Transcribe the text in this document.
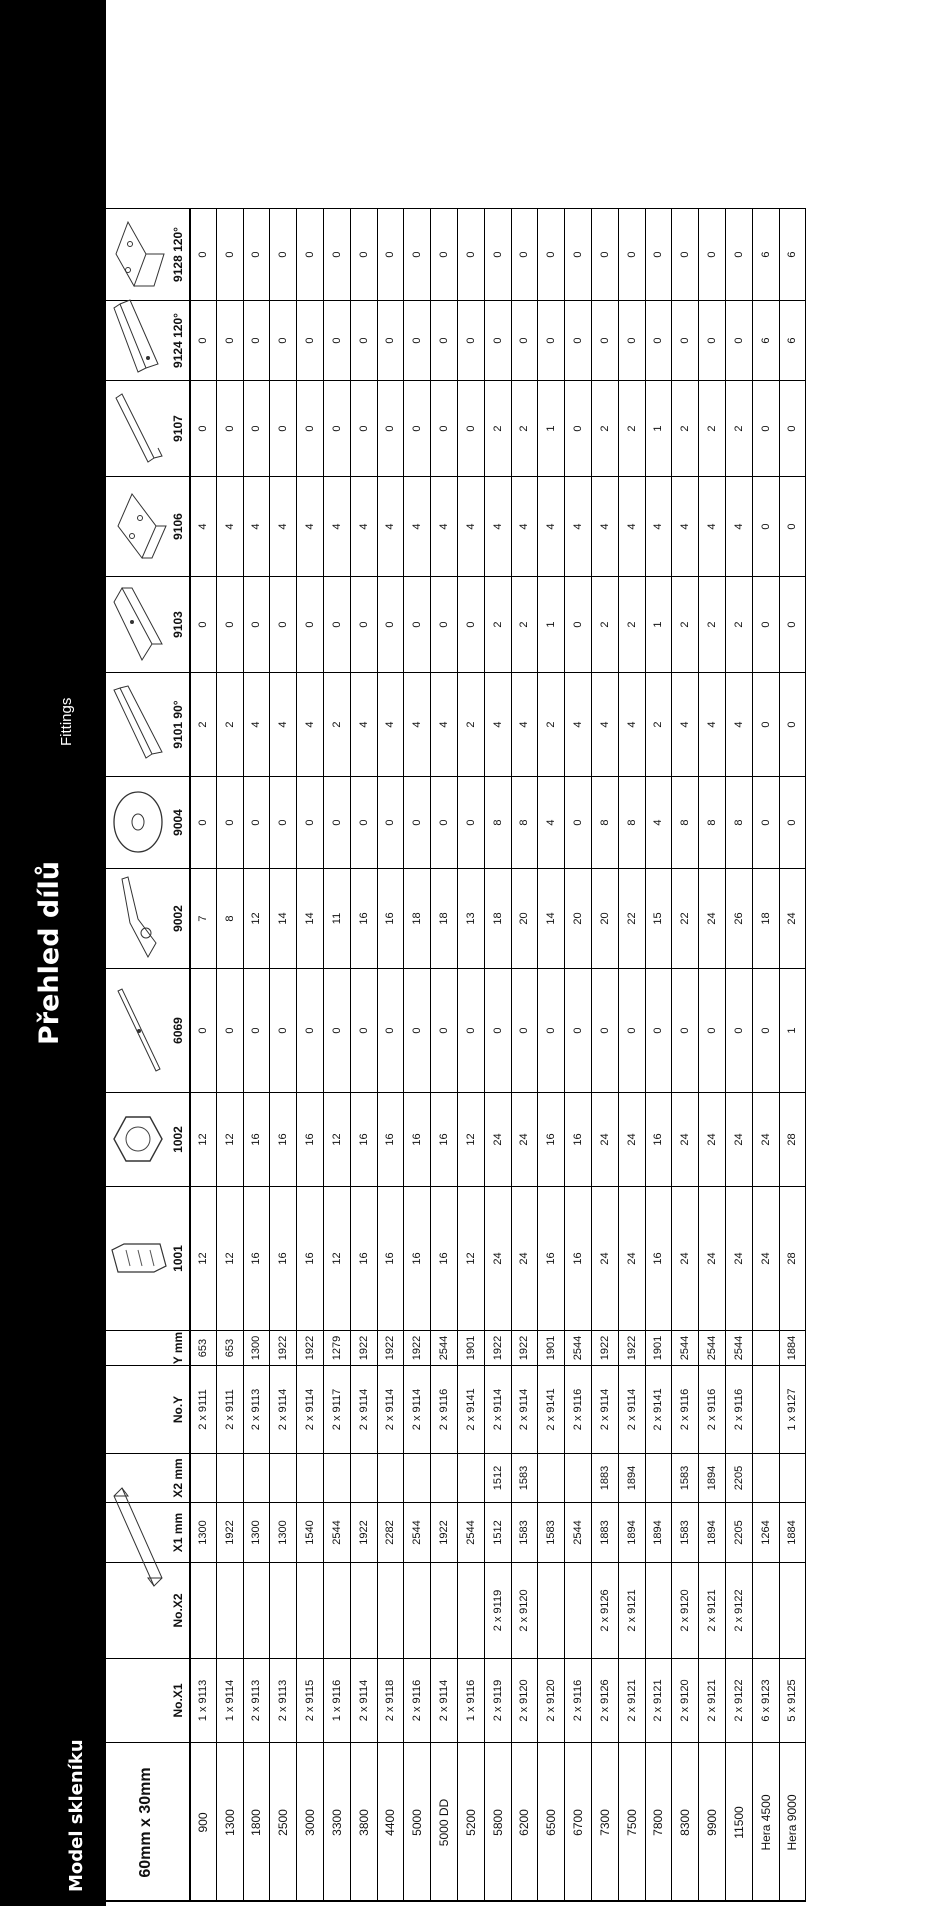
Přehled dílů
Model skleníku
Fittings
60mm x 30mm
No.X1
No.X2
X1 mm
X2 mm
No.Y
Y mm
1001
1002
6069
9002
9004
9101 90°
9103
9106
9107
9124 120°
9128 120°
900
1 x 9113
1300
2 x 9111
653
12
12
0
7
0
2
0
4
0
0
0
1300
1 x 9114
1922
2 x 9111
653
12
12
0
8
0
2
0
4
0
0
0
1800
2 x 9113
1300
2 x 9113
1300
16
16
0
12
0
4
0
4
0
0
0
2500
2 x 9113
1300
2 x 9114
1922
16
16
0
14
0
4
0
4
0
0
0
3000
2 x 9115
1540
2 x 9114
1922
16
16
0
14
0
4
0
4
0
0
0
3300
1 x 9116
2544
2 x 9117
1279
12
12
0
11
0
2
0
4
0
0
0
3800
2 x 9114
1922
2 x 9114
1922
16
16
0
16
0
4
0
4
0
0
0
4400
2 x 9118
2282
2 x 9114
1922
16
16
0
16
0
4
0
4
0
0
0
5000
2 x 9116
2544
2 x 9114
1922
16
16
0
18
0
4
0
4
0
0
0
5000 DD
2 x 9114
1922
2 x 9116
2544
16
16
0
18
0
4
0
4
0
0
0
5200
1 x 9116
2544
2 x 9141
1901
12
12
0
13
0
2
0
4
0
0
0
5800
2 x 9119
2 x 9119
1512
1512
2 x 9114
1922
24
24
0
18
8
4
2
4
2
0
0
6200
2 x 9120
2 x 9120
1583
1583
2 x 9114
1922
24
24
0
20
8
4
2
4
2
0
0
6500
2 x 9120
1583
2 x 9141
1901
16
16
0
14
4
2
1
4
1
0
0
6700
2 x 9116
2544
2 x 9116
2544
16
16
0
20
0
4
0
4
0
0
0
7300
2 x 9126
2 x 9126
1883
1883
2 x 9114
1922
24
24
0
20
8
4
2
4
2
0
0
7500
2 x 9121
2 x 9121
1894
1894
2 x 9114
1922
24
24
0
22
8
4
2
4
2
0
0
7800
2 x 9121
1894
2 x 9141
1901
16
16
0
15
4
2
1
4
1
0
0
8300
2 x 9120
2 x 9120
1583
1583
2 x 9116
2544
24
24
0
22
8
4
2
4
2
0
0
9900
2 x 9121
2 x 9121
1894
1894
2 x 9116
2544
24
24
0
24
8
4
2
4
2
0
0
11500
2 x 9122
2 x 9122
2205
2205
2 x 9116
2544
24
24
0
26
8
4
2
4
2
0
0
Hera 4500
6 x 9123
1264
24
24
0
18
0
0
0
0
0
6
6
Hera 9000
5 x 9125
1884
1 x 9127
1884
28
28
1
24
0
0
0
0
0
6
6
